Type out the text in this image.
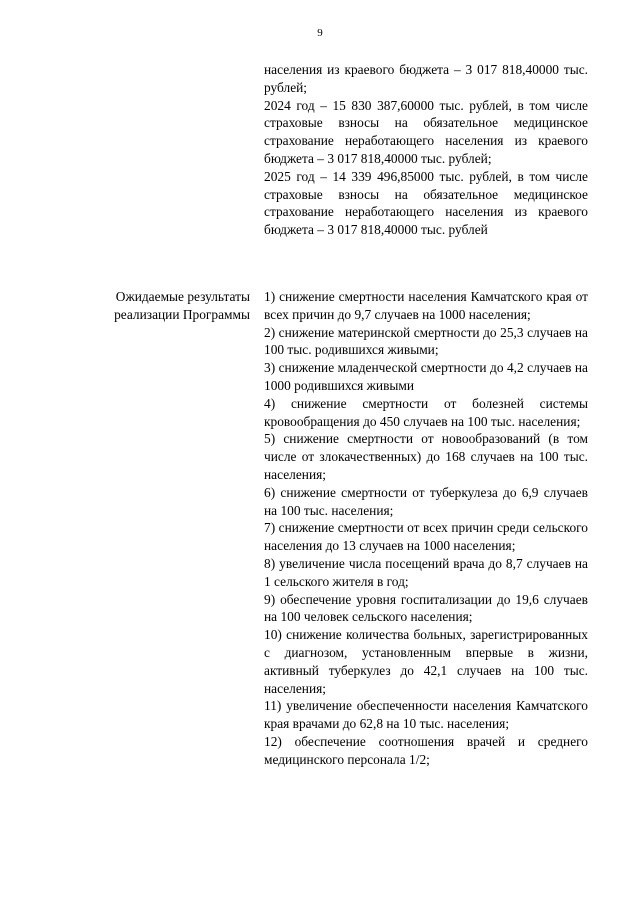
9

населения из краевого бюджета – 3 017 818,40000 тыс. рублей;

2024 год – 15 830 387,60000 тыс. рублей, в том числе страховые взносы на обязательное медицинское страхование неработающего населения из краевого бюджета – 3 017 818,40000 тыс. рублей;

2025 год – 14 339 496,85000 тыс. рублей, в том числе страховые взносы на обязательное медицинское страхование неработающего населения из краевого бюджета – 3 017 818,40000 тыс. рублей

Ожидаемые результаты
реализации Программы

1) снижение смертности населения Камчатского края от всех причин до 9,7 случаев на 1000 населения;

2) снижение материнской смертности до 25,3 случаев на 100 тыс. родившихся живыми;

3) снижение младенческой смертности до 4,2 случаев на 1000 родившихся живыми

4) снижение смертности от болезней системы кровообращения до 450 случаев на 100 тыс. населения;

5) снижение смертности от новообразований (в том числе от злокачественных) до 168 случаев на 100 тыс. населения;

6) снижение смертности от туберкулеза до 6,9 случаев на 100 тыс. населения;

7) снижение смертности от всех причин среди сельского населения до 13 случаев на 1000 населения;

8) увеличение числа посещений врача до 8,7 случаев на 1 сельского жителя в год;

9) обеспечение уровня госпитализации до 19,6 случаев на 100 человек сельского населения;

10) снижение количества больных, зарегистрированных с диагнозом, установленным впервые в жизни, активный туберкулез до 42,1 случаев на 100 тыс. населения;

11) увеличение обеспеченности населения Камчатского края врачами до 62,8 на 10 тыс. населения;

12) обеспечение соотношения врачей и среднего медицинского персонала 1/2;
